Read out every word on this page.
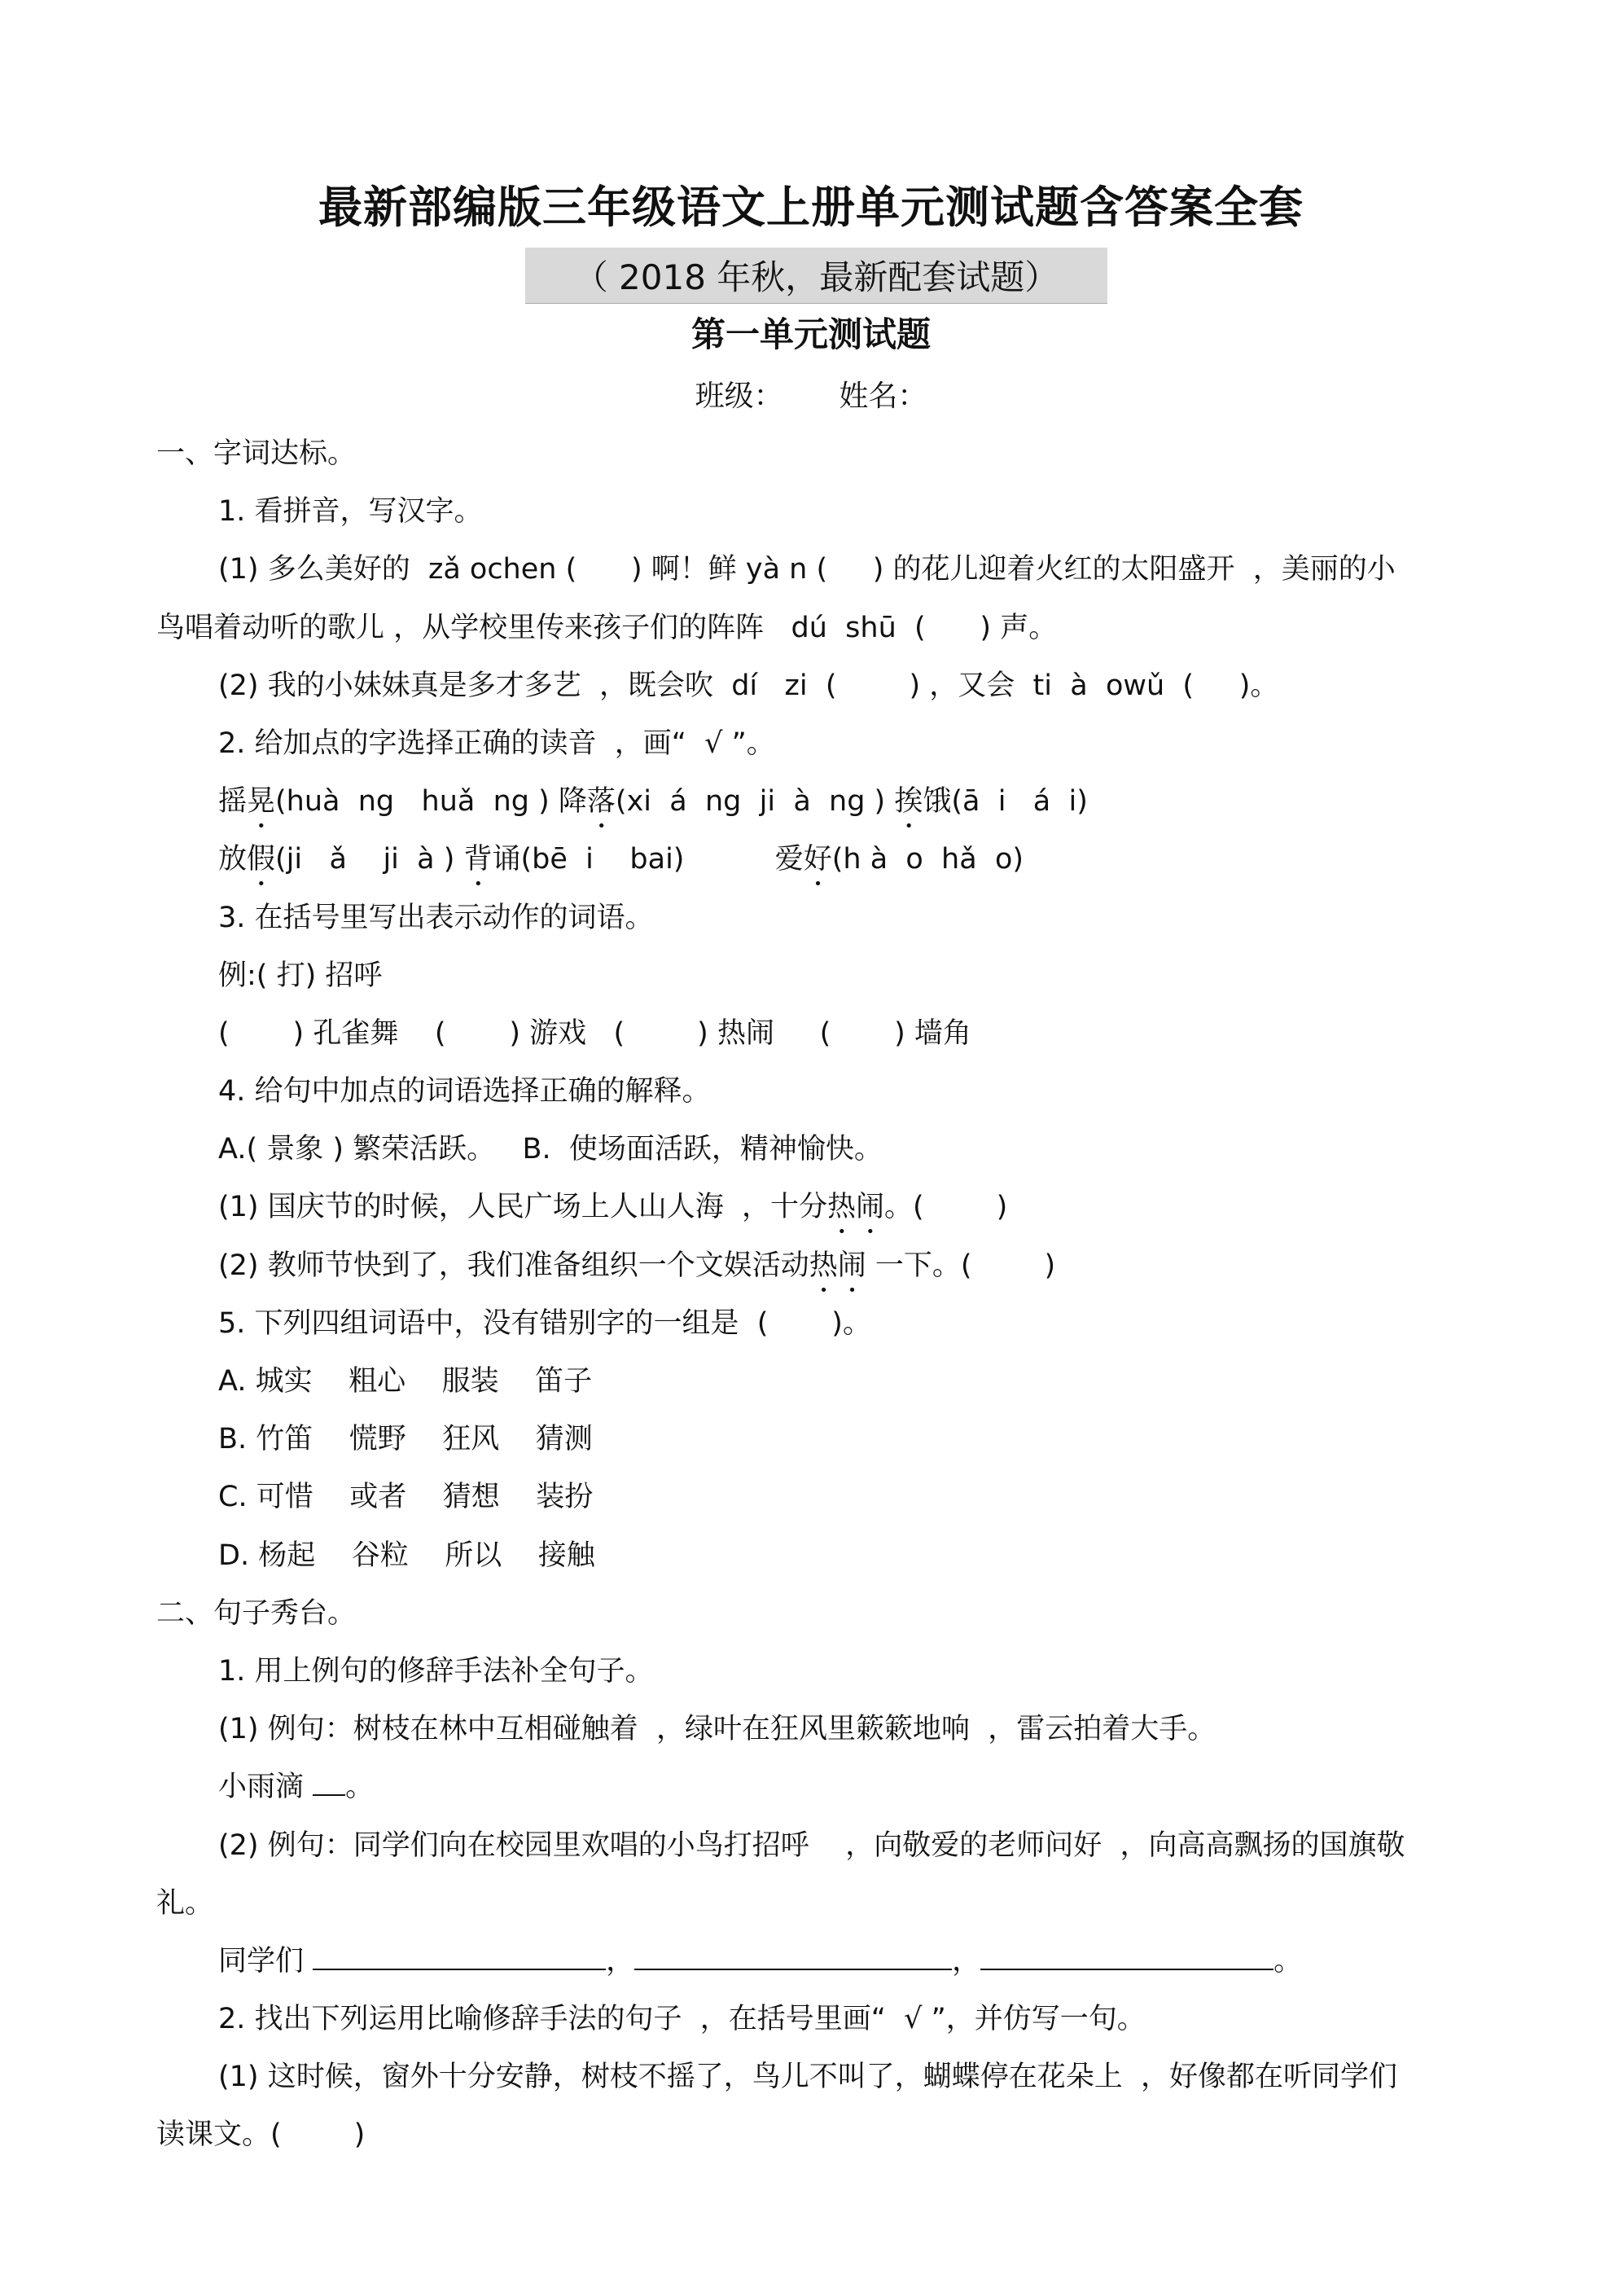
最新部编版三年级语文上册单元测试题含答案全套
（ 2018 年秋，最新配套试题）
第一单元测试题
班级：      姓名：
一、字词达标。
1. 看拼音，写汉字。
(1) 多么美好的  zǎ ochen (      ) 啊！鲜 yà n (     ) 的花儿迎着火红的太阳盛开  ，美丽的小
鸟唱着动听的歌儿 ，从学校里传来孩子们的阵阵   dú  shū  (      ) 声。
(2) 我的小妹妹真是多才多艺  ，既会吹  dí   zi  (        ) ，又会  ti  à  owǔ  (     )。
2. 给加点的字选择正确的读音  ，画“  √ ”。
摇晃(huà  ng   huǎ  ng ) 降落(xi  á  ng  ji  à  ng ) 挨饿(ā  i   á  i)
放假(ji   ǎ    ji  à ) 背诵(bē  i    bai)          爱好(h à  o  hǎ  o)
3. 在括号里写出表示动作的词语。
例:( 打) 招呼
(       ) 孔雀舞    (       ) 游戏   (        ) 热闹     (       ) 墙角
4. 给句中加点的词语选择正确的解释。
A.( 景象 ) 繁荣活跃。   B.  使场面活跃，精神愉快。
(1) 国庆节的时候，人民广场上人山人海  ，十分热闹。(        )
(2) 教师节快到了，我们准备组织一个文娱活动热闹 一下。(        )
5. 下列四组词语中，没有错别字的一组是  (       )。
A. 城实    粗心    服装    笛子
B. 竹笛    慌野    狂风    猜测
C. 可惜    或者    猜想    装扮
D. 杨起    谷粒    所以    接触
二、句子秀台。
1. 用上例句的修辞手法补全句子。
(1) 例句：树枝在林中互相碰触着  ，绿叶在狂风里簌簌地响  ，雷云拍着大手。
小雨滴 。
(2) 例句：同学们向在校园里欢唱的小鸟打招呼    ，向敬爱的老师问好  ，向高高飘扬的国旗敬
礼。
同学们	，	，	。
2. 找出下列运用比喻修辞手法的句子  ，在括号里画“  √ ”，并仿写一句。
(1) 这时候，窗外十分安静，树枝不摇了，鸟儿不叫了，蝴蝶停在花朵上  ，好像都在听同学们
读课文。(        )
